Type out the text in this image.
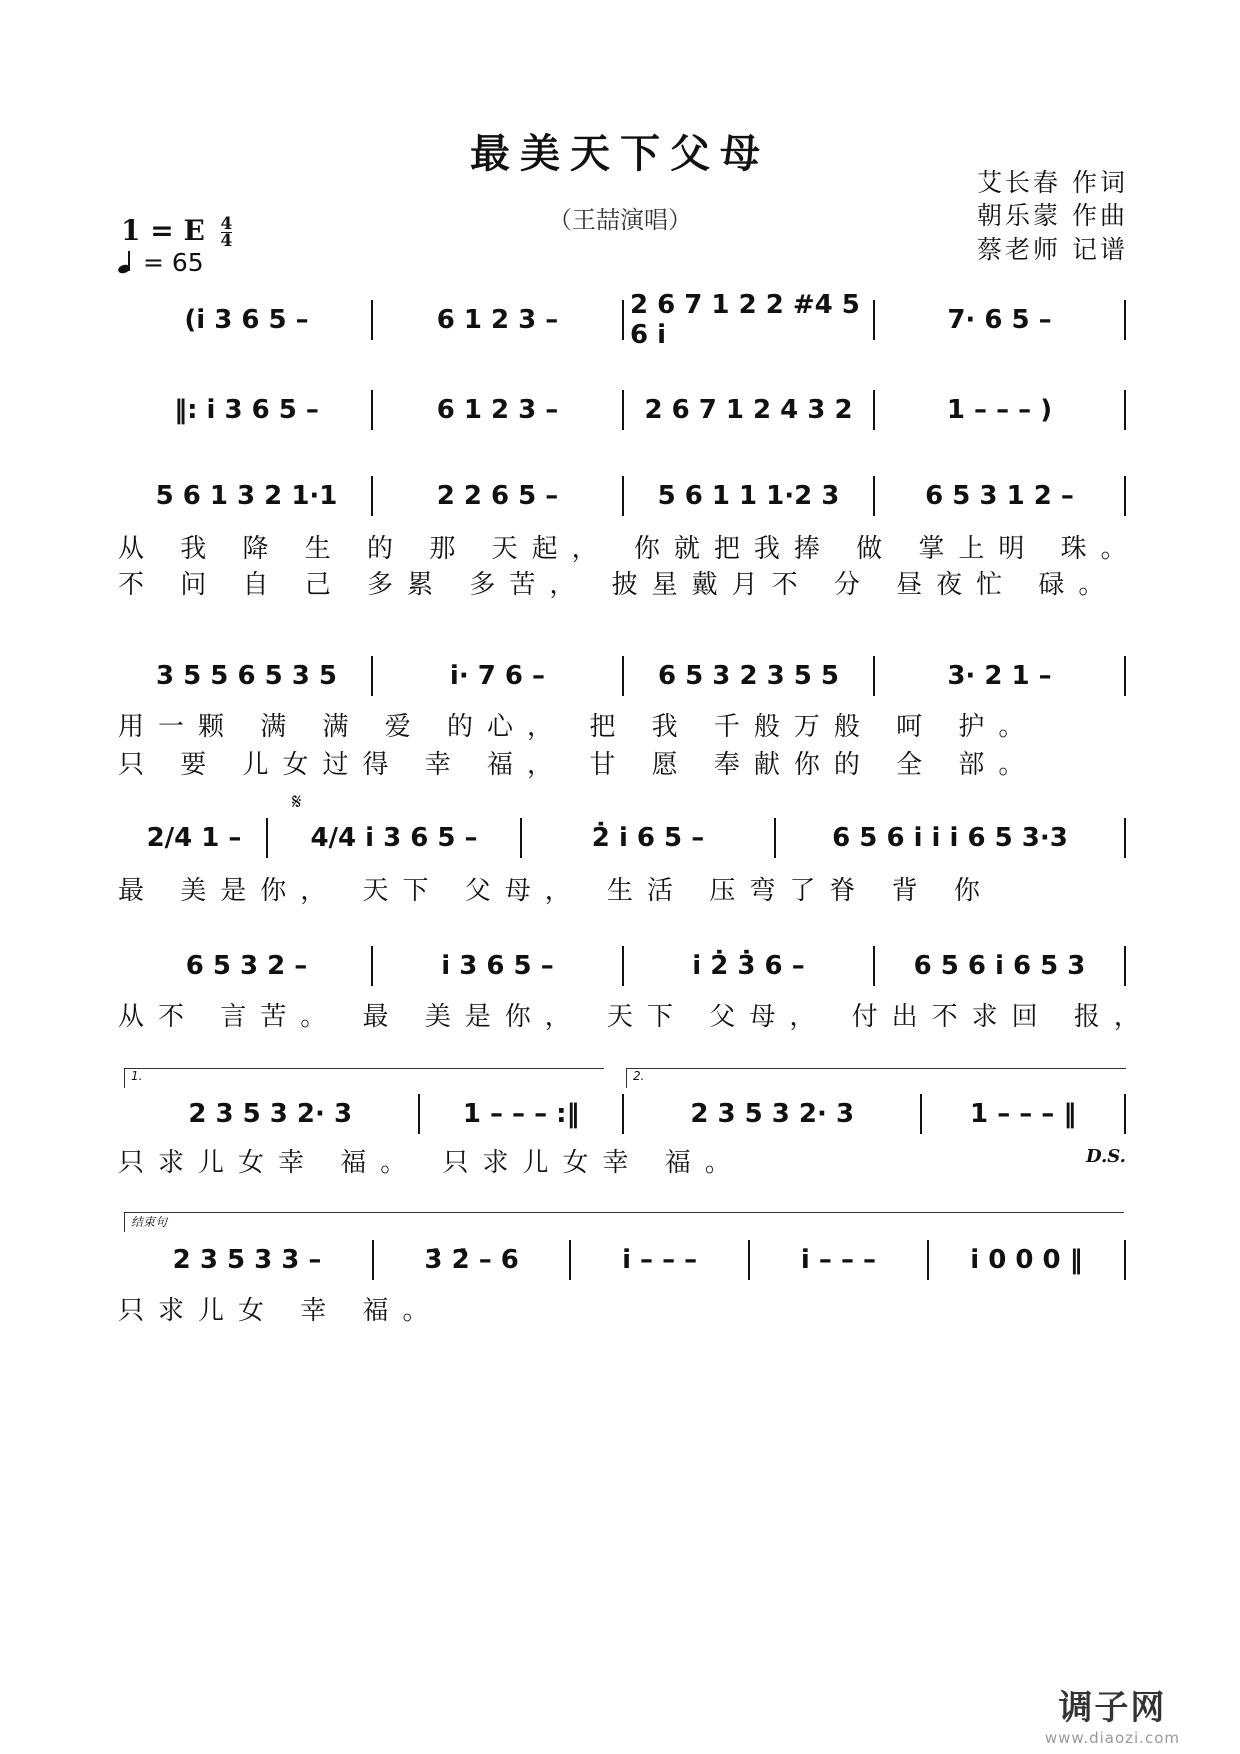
最美天下父母
（王喆演唱）
艾长春 作词
朝乐蒙 作曲
蔡老师 记谱
1 = E $\frac{4}{4}$
= 65
(i̇ 3 6 5 –	6 1 2 3 –	2 6 7 1 2 2 #4 5 6 i̇	7· 6 5 –
‖: i̇ 3 6 5 –	6 1 2 3 –	2 6 7 1 2 4 3 2	1 – – – )
5 6 1 3 2 1·1	2 2 6 5 –	5 6 1 1 1·2 3	6 5 3 1 2 –
从 我 降 生 的 那 天起， 你就把我捧 做 掌上明 珠。
不 问 自 己 多累 多苦， 披星戴月不 分 昼夜忙 碌。
3 5 5 6 5 3 5	i̇· 7 6 –	6 5 3 2 3 5 5	3· 2 1 –
用一颗 满 满 爱 的心， 把 我 千般万般 呵 护。
只 要 儿女过得 幸 福， 甘 愿 奉献你的 全 部。
𝄋
2/4 1 –	4/4 i̇ 3 6 5 –	2̇ i̇ 6 5 –	6 5 6 i̇ i̇ i̇ 6 5 3·3
最 美是你， 天下 父母， 生活 压弯了脊 背 你
6 5 3 2 –	i̇ 3 6 5 –	i̇ 2̇ 3̇ 6 –	6 5 6 i̇ 6 5 3
从不 言苦。 最 美是你， 天下 父母， 付出不求回 报，
1.	2.
2 3 5 3 2· 3	1 – – – :‖	2 3 5 3 2· 3	1 – – – ‖
只求儿女幸 福。 只求儿女幸 福。	D.S.
结束句
2 3 5 3 3 –	3̇ 2̇ – 6	i̇ – – –	i̇ – – –	i̇ 0 0 0 ‖
只求儿女 幸 福。
调子网
www.diaozi.com
